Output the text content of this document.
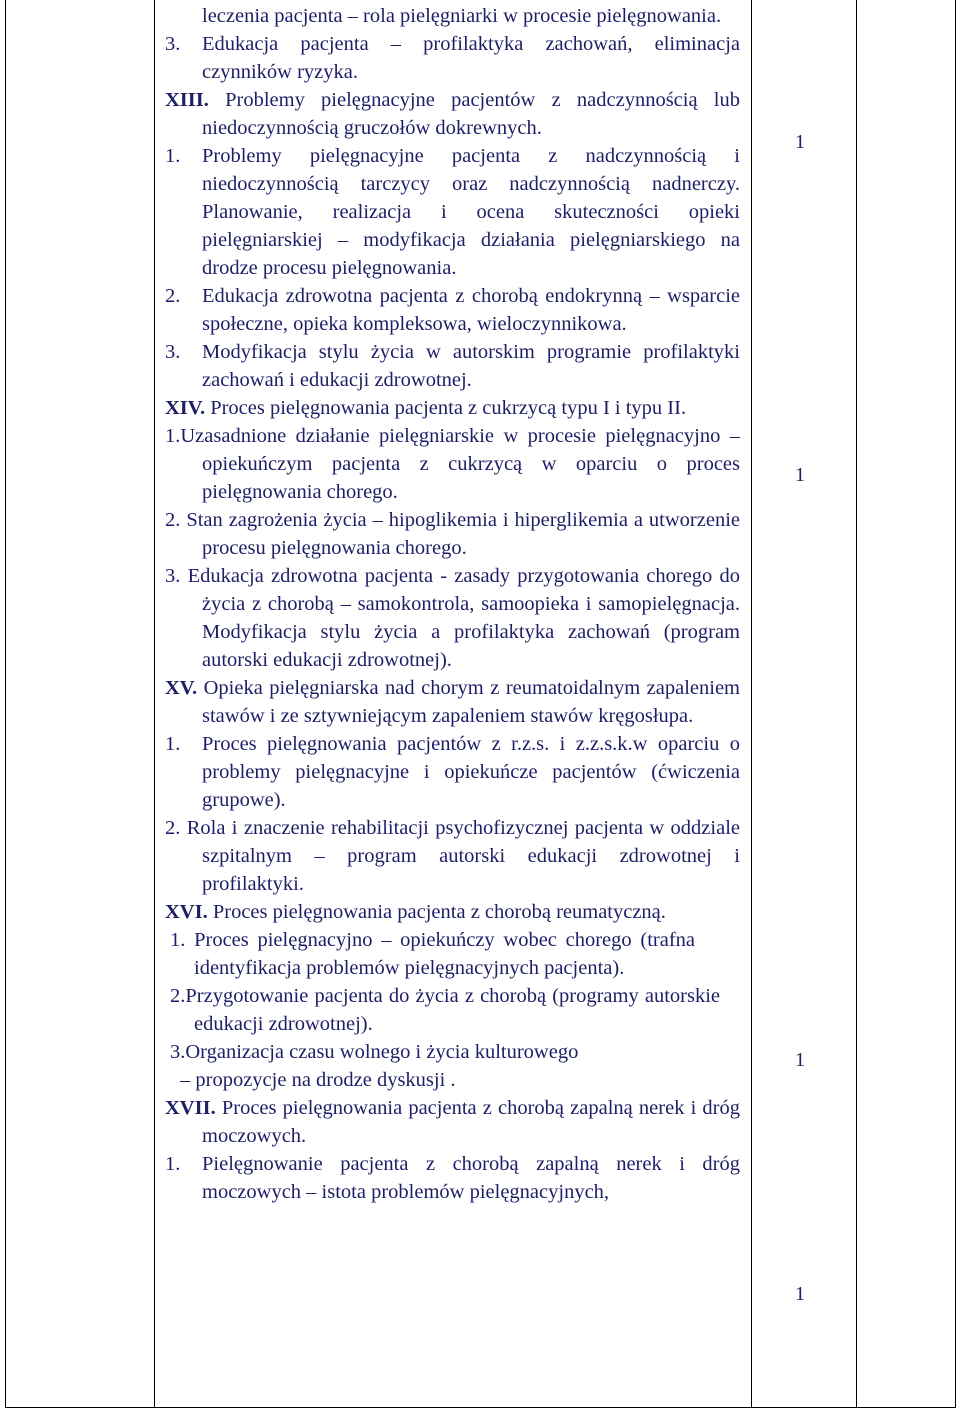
leczenia pacjenta – rola pielęgniarki w procesie pielęgnowania.
3. Edukacja pacjenta – profilaktyka zachowań, eliminacja czynników ryzyka.
XIII. Problemy pielęgnacyjne pacjentów z nadczynnością lub niedoczynnością gruczołów dokrewnych.
1. Problemy pielęgnacyjne pacjenta z nadczynnością i niedoczynnością tarczycy oraz nadczynnością nadnerczy. Planowanie, realizacja i ocena skuteczności opieki pielęgniarskiej – modyfikacja działania pielęgniarskiego na drodze procesu pielęgnowania.
2. Edukacja zdrowotna pacjenta z chorobą endokrynną – wsparcie społeczne, opieka kompleksowa, wieloczynnikowa.
3. Modyfikacja stylu życia w autorskim programie profilaktyki zachowań i edukacji zdrowotnej.
XIV. Proces pielęgnowania pacjenta z cukrzycą typu I i typu II.
1.Uzasadnione działanie pielęgniarskie w procesie pielęgnacyjno – opiekuńczym pacjenta z cukrzycą w oparciu o proces pielęgnowania chorego.
2. Stan zagrożenia życia – hipoglikemia i hiperglikemia a utworzenie procesu pielęgnowania chorego.
3. Edukacja zdrowotna pacjenta - zasady przygotowania chorego do życia z chorobą – samokontrola, samoopieka i samopielęgnacja. Modyfikacja stylu życia a profilaktyka zachowań (program autorski edukacji zdrowotnej).
XV. Opieka pielęgniarska nad chorym z reumatoidalnym zapaleniem stawów i ze sztywniejącym zapaleniem stawów kręgosłupa.
1. Proces pielęgnowania pacjentów z r.z.s. i z.z.s.k.w oparciu o problemy pielęgnacyjne i opiekuńcze pacjentów (ćwiczenia grupowe).
2. Rola i znaczenie rehabilitacji psychofizycznej pacjenta w oddziale szpitalnym – program autorski edukacji zdrowotnej i profilaktyki.
XVI. Proces pielęgnowania pacjenta z chorobą reumatyczną.
1. Proces pielęgnacyjno – opiekuńczy wobec chorego (trafna identyfikacja problemów pielęgnacyjnych pacjenta).
2.Przygotowanie pacjenta do życia z chorobą (programy autorskie edukacji zdrowotnej).
3.Organizacja czasu wolnego i życia kulturowego
– propozycje na drodze dyskusji .
XVII. Proces pielęgnowania pacjenta z chorobą zapalną nerek i dróg moczowych.
1. Pielęgnowanie pacjenta z chorobą zapalną nerek i dróg moczowych – istota problemów pielęgnacyjnych,
1
1
1
1
